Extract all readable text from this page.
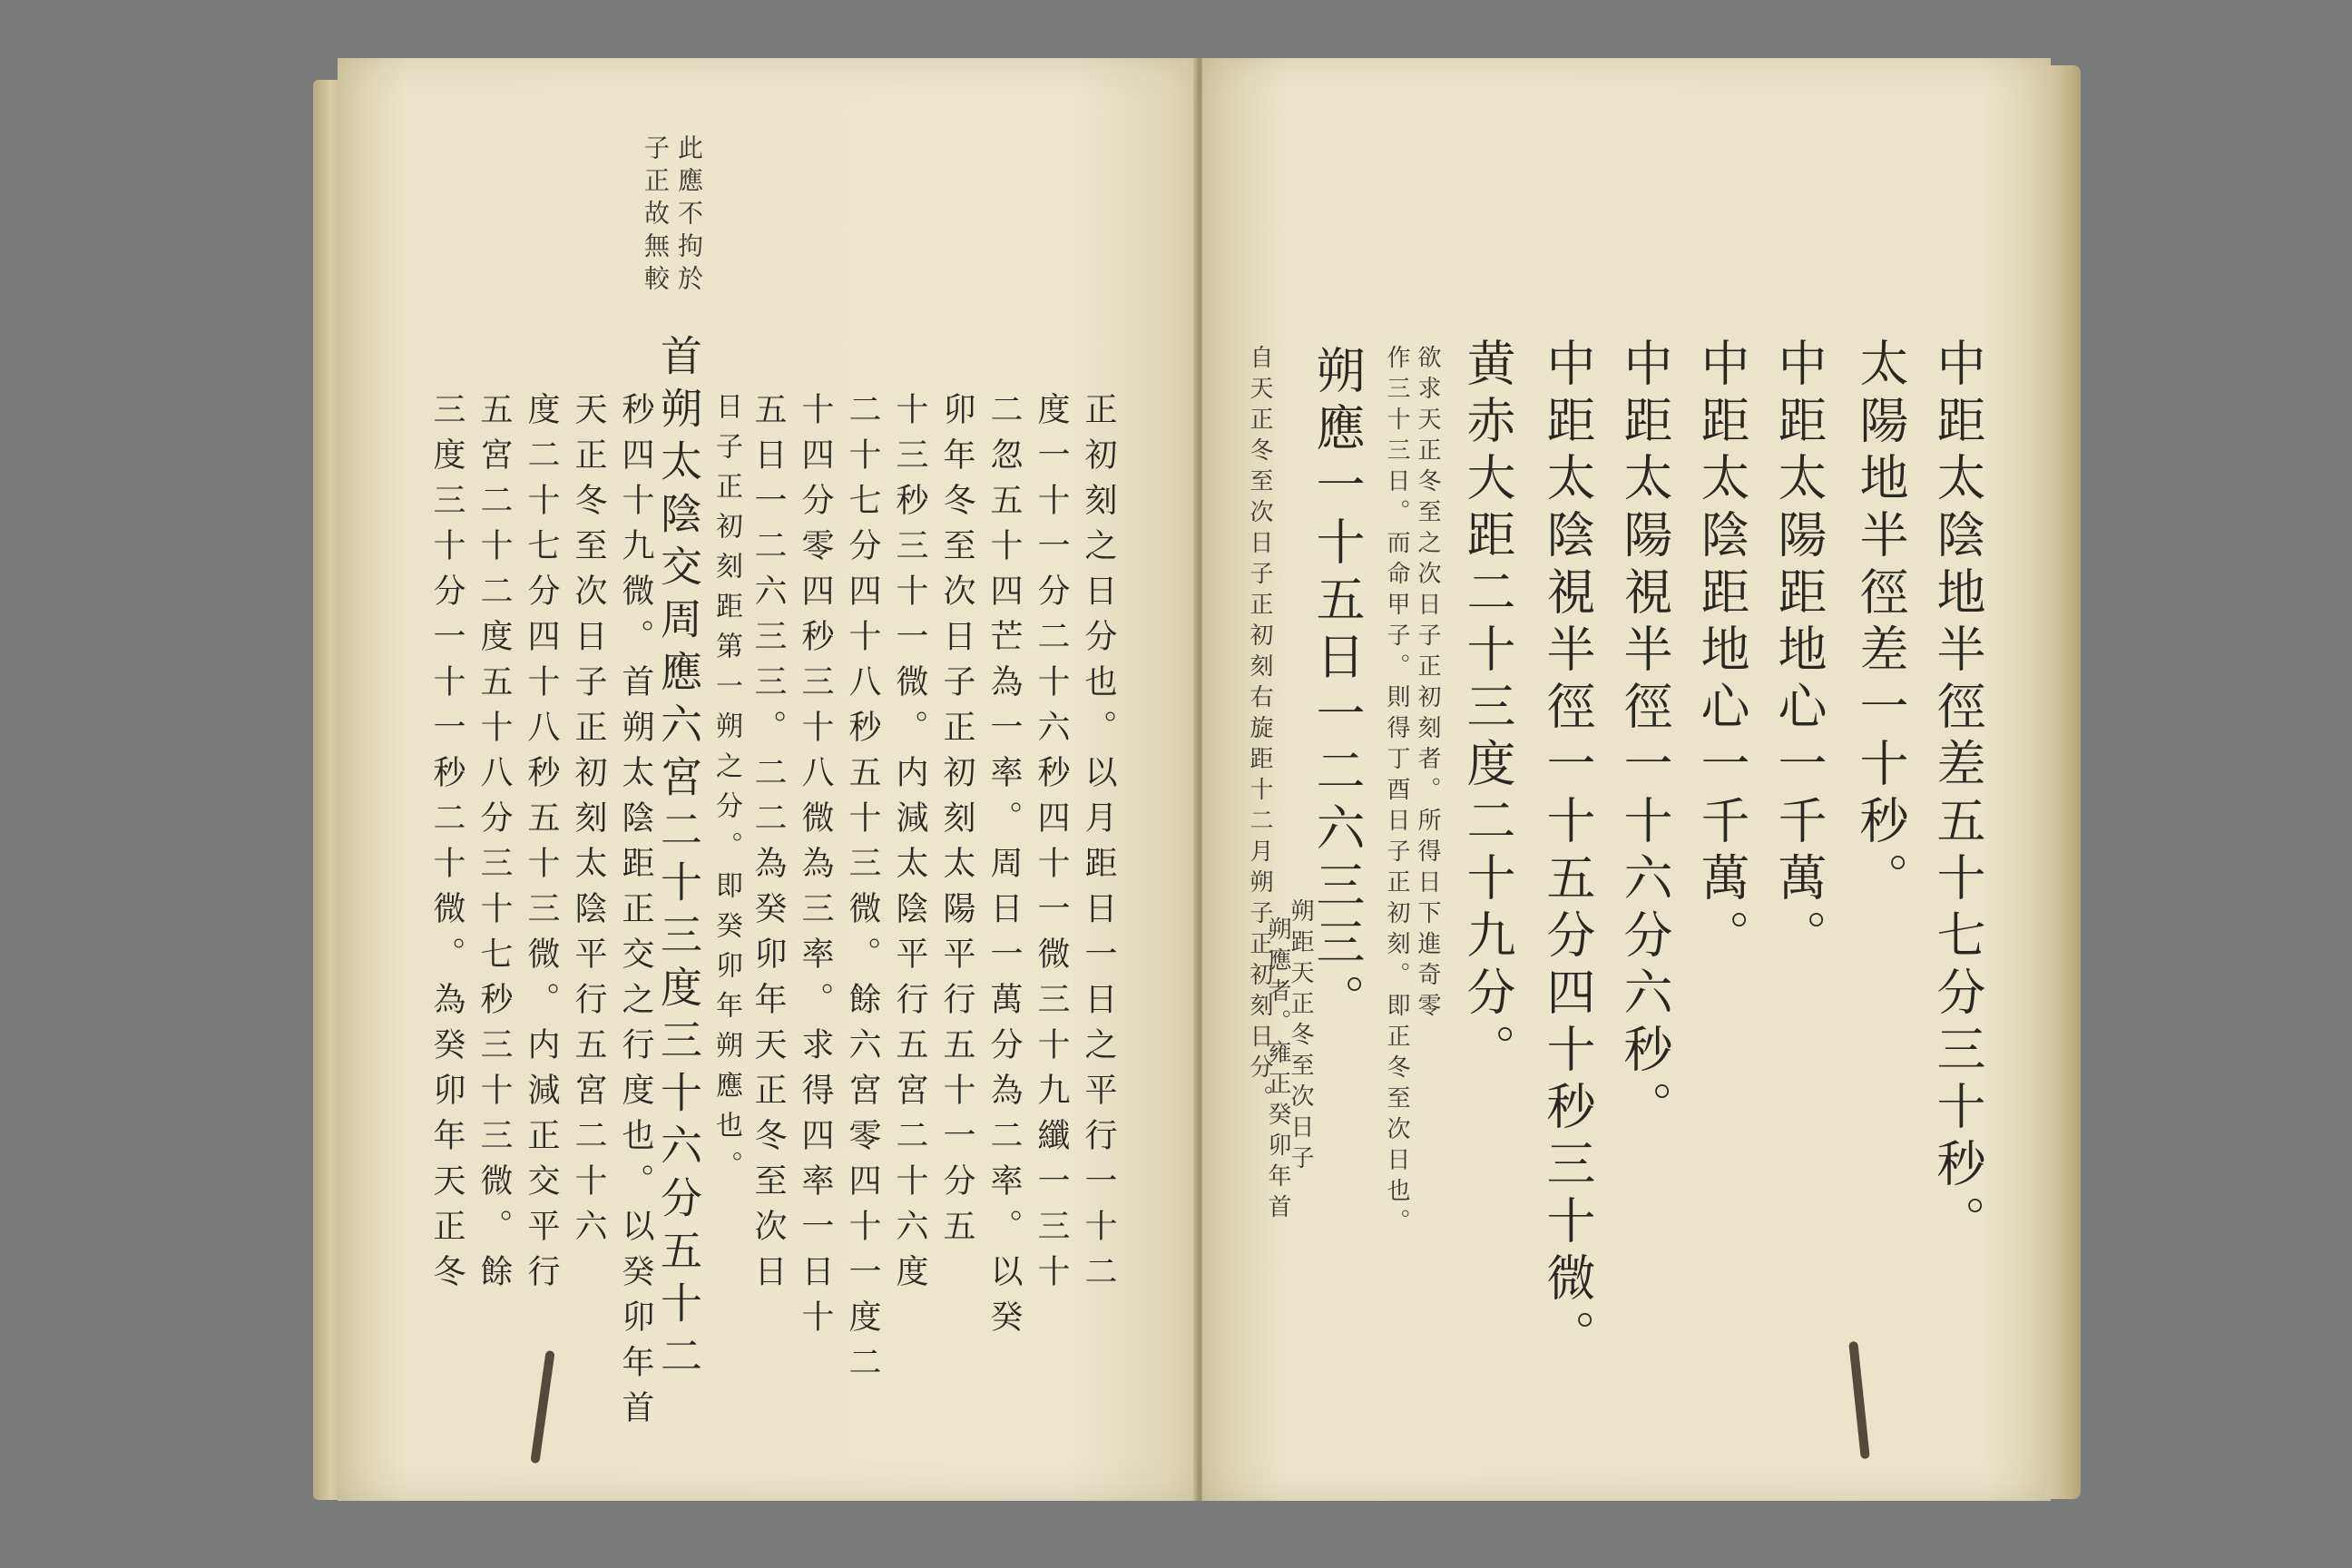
中距太陰地半徑差五十七分三十秒。
太陽地半徑差一十秒。
中距太陽距地心一千萬。
中距太陰距地心一千萬。
中距太陽視半徑一十六分六秒。
中距太陰視半徑一十五分四十秒三十微。
黄赤大距二十三度二十九分。
欲求天正冬至之次日子正初刻者。所得日下進奇零
作三十三日。而命甲子。則得丁酉日子正初刻。即正冬至次日也。
朔應一十五日一二六三三。
朔距天正冬至次日子
朔應者。雍正癸卯年首
自天正冬至次日子正初刻右旋距十二月朔子正初刻日分。
此應不拘於
子正故無較
首朔太陰交周應六宮二十三度三十六分五十二	正初刻之日分也。以月距日一日之平行一十二
度一十一分二十六秒四十一微三十九纖一三十
二忽五十四芒為一率。周日一萬分為二率。以癸
卯年冬至次日子正初刻太陽平行五十一分五
十三秒三十一微。内減太陰平行五宮二十六度
二十七分四十八秒五十三微。餘六宮零四十一度二
十四分零四秒三十八微為三率。求得四率一日十
五日一二六三三。二二為癸卯年天正冬至次日
日子正初刻距第一朔之分。即癸卯年朔應也。
秒四十九微。首朔太陰距正交之行度也。以癸卯年首
天正冬至次日子正初刻太陰平行五宮二十六
度二十七分四十八秒五十三微。内減正交平行
五宮二十二度五十八分三十七秒三十三微。餘
三度三十分一十一秒二十微。為癸卯年天正冬
